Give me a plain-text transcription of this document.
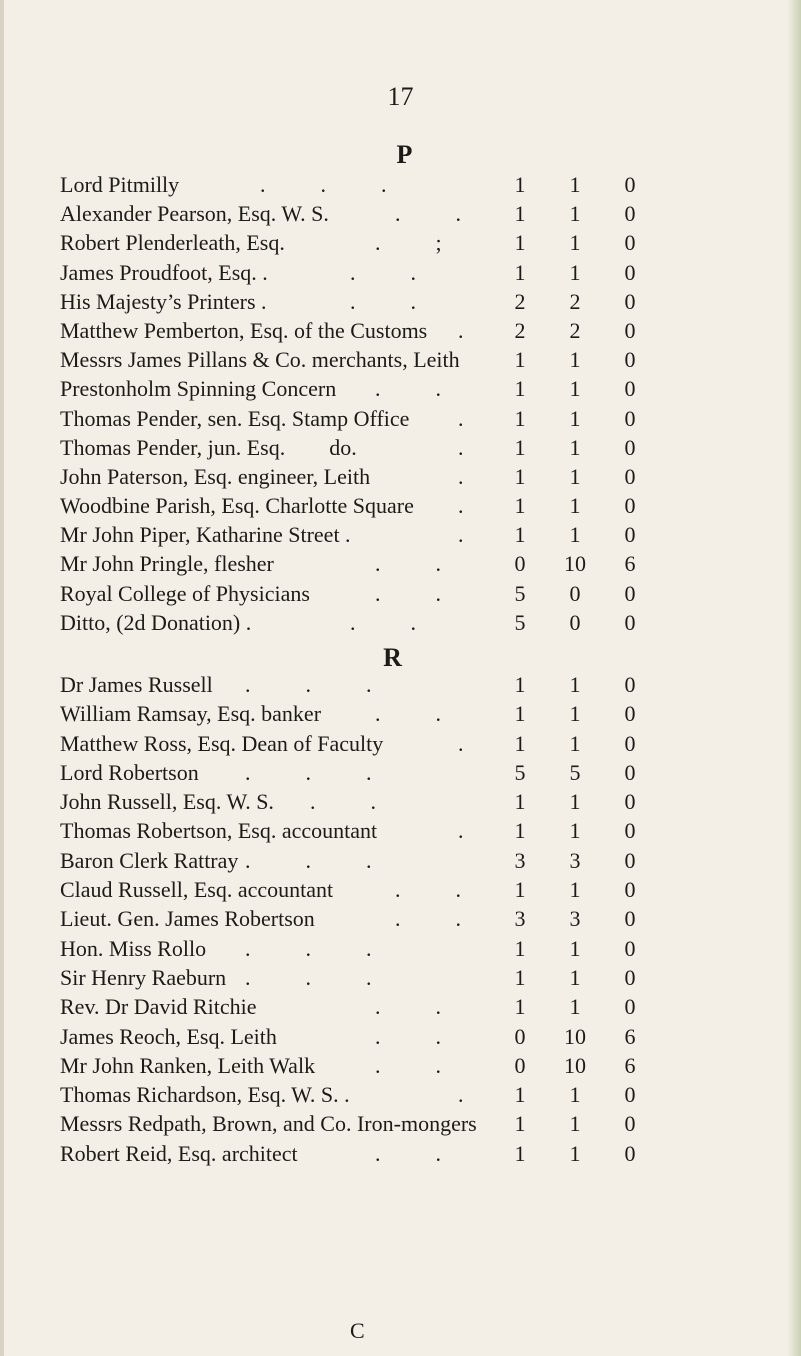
17
P
Lord Pitmilly	.          .          .	1	1	0
Alexander Pearson, Esq. W. S.	.          .	1	1	0
Robert Plenderleath, Esq.	.          ;	1	1	0
James Proudfoot, Esq. .	.          .	1	1	0
His Majesty’s Printers .	.          .	2	2	0
Matthew Pemberton, Esq. of the Customs .	2	2	0
Messrs James Pillans & Co. merchants, Leith	1	1	0
Prestonholm Spinning Concern .          .	1	1	0
Thomas Pender, sen. Esq. Stamp Office .	1	1	0
Thomas Pender, jun. Esq.        do.	.	1	1	0
John Paterson, Esq. engineer, Leith	.	1	1	0
Woodbine Parish, Esq. Charlotte Square .	1	1	0
Mr John Piper, Katharine Street .	.	1	1	0
Mr John Pringle, flesher	.          .	0	10	6
Royal College of Physicians	.          .	5	0	0
Ditto, (2d Donation) .	.          .	5	0	0
R
Dr James Russell .          .          .	1	1	0
William Ramsay, Esq. banker .          .	1	1	0
Matthew Ross, Esq. Dean of Faculty	.	1	1	0
Lord Robertson .          .          .	5	5	0
John Russell, Esq. W. S. .          .	1	1	0
Thomas Robertson, Esq. accountant	.	1	1	0
Baron Clerk Rattray .          .          .	3	3	0
Claud Russell, Esq. accountant	.          .	1	1	0
Lieut. Gen. James Robertson	.          .	3	3	0
Hon. Miss Rollo .          .          .	1	1	0
Sir Henry Raeburn .          .          .	1	1	0
Rev. Dr David Ritchie	.          .	1	1	0
James Reoch, Esq. Leith	.          .	0	10	6
Mr John Ranken, Leith Walk	.          .	0	10	6
Thomas Richardson, Esq. W. S. .	.	1	1	0
Messrs Redpath, Brown, and Co. Iron-mongers	1	1	0
Robert Reid, Esq. architect	.          .	1	1	0
C
